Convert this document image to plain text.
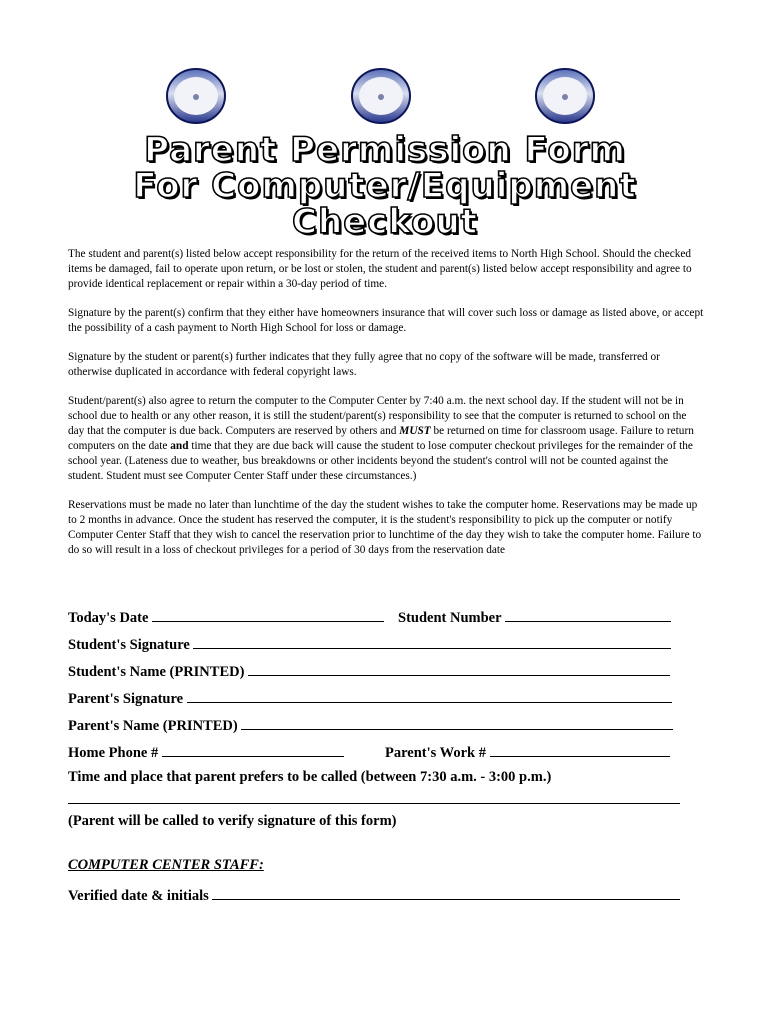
Parent Permission Form
For Computer/Equipment
Checkout

The student and parent(s) listed below accept responsibility for the return of the received items to North High School. Should the checked items be damaged, fail to operate upon return, or be lost or stolen, the student and parent(s) listed below accept responsibility and agree to provide identical replacement or repair within a 30-day period of time.

Signature by the parent(s) confirm that they either have homeowners insurance that will cover such loss or damage as listed above, or accept the possibility of a cash payment to North High School for loss or damage.

Signature by the student or parent(s) further indicates that they fully agree that no copy of the software will be made, transferred or otherwise duplicated in accordance with federal copyright laws.

Student/parent(s) also agree to return the computer to the Computer Center by 7:40 a.m. the next school day. If the student will not be in school due to health or any other reason, it is still the student/parent(s) responsibility to see that the computer is returned to school on the day that the computer is due back. Computers are reserved by others and MUST be returned on time for classroom usage. Failure to return computers on the date and time that they are due back will cause the student to lose computer checkout privileges for the remainder of the school year. (Lateness due to weather, bus breakdowns or other incidents beyond the student's control will not be counted against the student. Student must see Computer Center Staff under these circumstances.)

Reservations must be made no later than lunchtime of the day the student wishes to take the computer home. Reservations may be made up to 2 months in advance. Once the student has reserved the computer, it is the student's responsibility to pick up the computer or notify Computer Center Staff that they wish to cancel the reservation prior to lunchtime of the day they wish to take the computer home. Failure to do so will result in a loss of checkout privileges for a period of 30 days from the reservation date

Today's Date	Student Number
Student's Signature
Student's Name (PRINTED)
Parent's Signature
Parent's Name (PRINTED)
Home Phone #	Parent's Work #
Time and place that parent prefers to be called (between 7:30 a.m. - 3:00 p.m.)
(Parent will be called to verify signature of this form)
COMPUTER CENTER STAFF:
Verified date & initials
